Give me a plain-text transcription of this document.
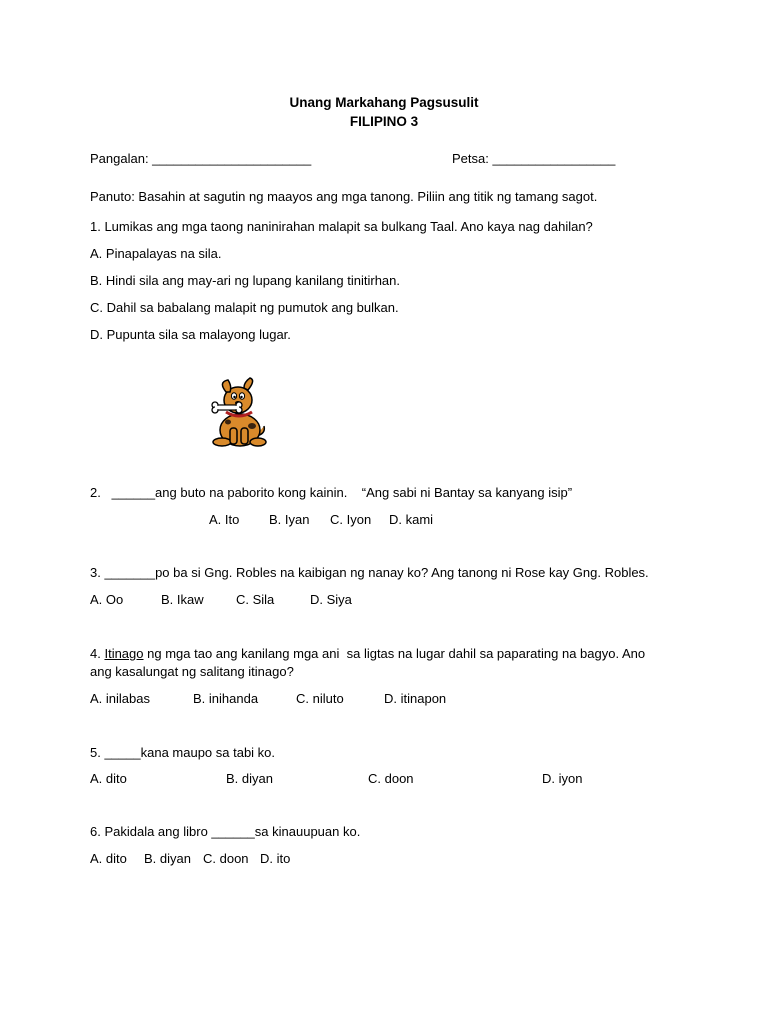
Unang Markahang Pagsusulit
FILIPINO 3
Pangalan: ______________________	Petsa: _________________
Panuto: Basahin at sagutin ng maayos ang mga tanong. Piliin ang titik ng tamang sagot.
1. Lumikas ang mga taong naninirahan malapit sa bulkang Taal. Ano kaya nag dahilan?
A. Pinapalayas na sila.
B. Hindi sila ang may-ari ng lupang kanilang tinitirhan.
C. Dahil sa babalang malapit ng pumutok ang bulkan.
D. Pupunta sila sa malayong lugar.
2.   ______ang buto na paborito kong kainin.    “Ang sabi ni Bantay sa kanyang isip”
A. Ito B. Iyan C. Iyon D. kami
3. _______po ba si Gng. Robles na kaibigan ng nanay ko? Ang tanong ni Rose kay Gng. Robles.
A. Oo	B. Ikaw C. Sila	D. Siya
4. Itinago ng mga tao ang kanilang mga ani  sa ligtas na lugar dahil sa paparating na bagyo. Ano
ang kasalungat ng salitang itinago?
A. inilabas	B. inihanda	C. niluto	D. itinapon
5. _____kana maupo sa tabi ko.
A. dito	B. diyan	C. doon	D. iyon
6. Pakidala ang libro ______sa kinauupuan ko.
A. dito B. diyan C. doon D. ito
